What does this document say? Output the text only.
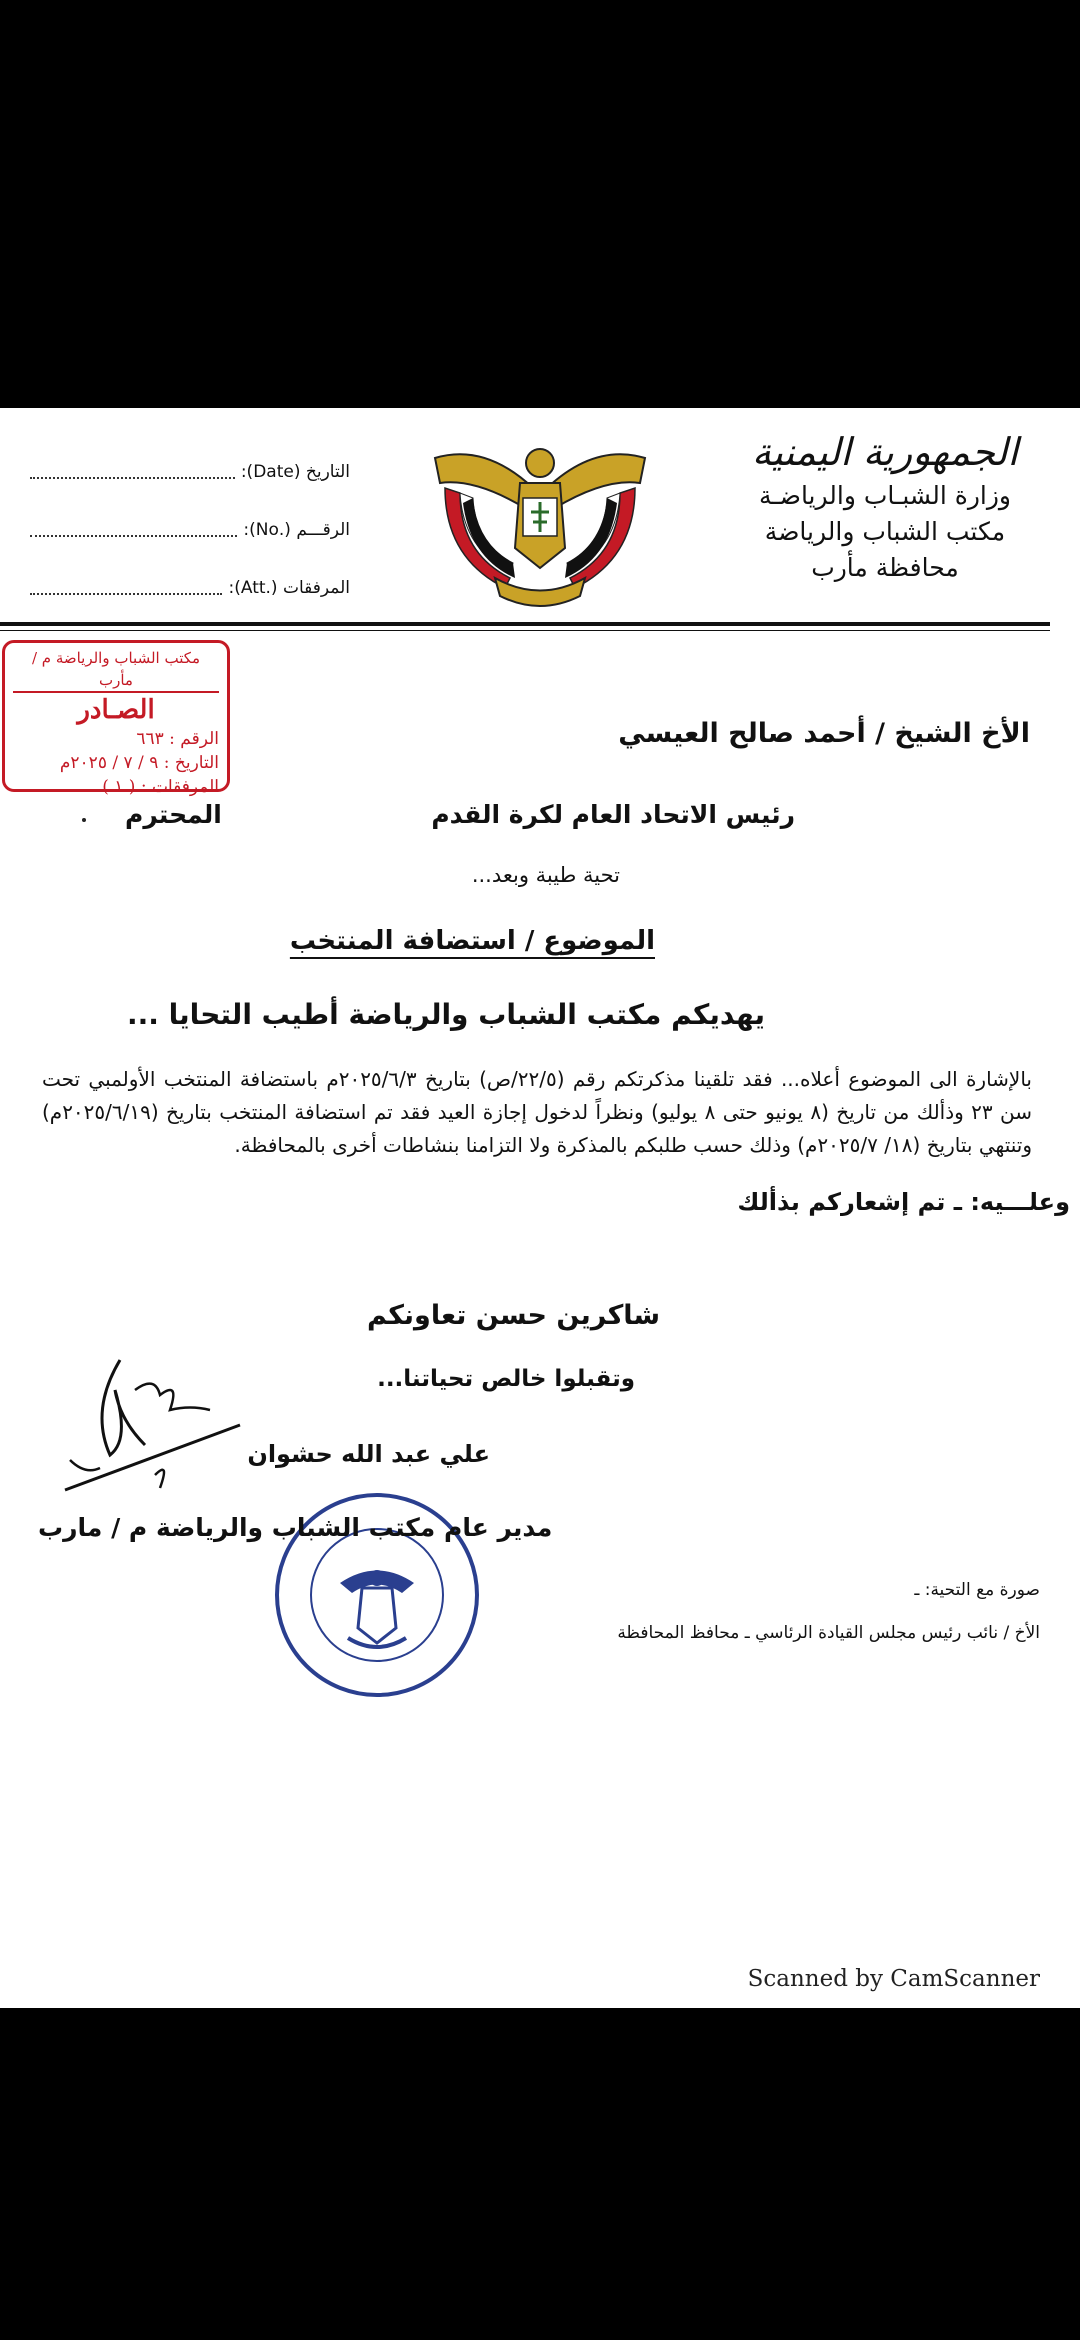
الجمهورية اليمنية
وزارة الشبـاب والرياضـة
مكتب الشباب والرياضة
محافظة مأرب
التاريخ (Date):
الرقـــم (.No):
المرفقات (.Att):
مكتب الشباب والرياضة م / مأرب
الصـادر
الرقم : ٦٦٣
التاريخ : ٩ / ٧ / ٢٠٢٥م
المرفقات : ( ١ )
الأخ الشيخ / أحمد صالح العيسي
رئيس الاتحاد العام لكرة القدم
المحترم
تحية طيبة وبعد...
الموضوع / استضافة المنتخب
يهديكم مكتب الشباب والرياضة أطيب التحايا ...
بالإشارة الى الموضوع أعلاه... فقد تلقينا مذكرتكم رقم (٢٢/٥/ص) بتاريخ ٢٠٢٥/٦/٣م باستضافة المنتخب الأولمبي تحت سن ٢٣ وذألك من تاريخ (٨ يونيو حتى ٨ يوليو) ونظراً لدخول إجازة العيد فقد تم استضافة المنتخب بتاريخ (٢٠٢٥/٦/١٩م) وتنتهي بتاريخ (١٨/ ٢٠٢٥/٧م) وذلك حسب طلبكم بالمذكرة ولا التزامنا بنشاطات أخرى بالمحافظة.
وعلـــيه: ـ تم إشعاركم بذألك
شاكرين حسن تعاونكم
وتقبلوا خالص تحياتنا...
علي عبد الله حشوان
مدير عام مكتب الشباب والرياضة م / مارب
صورة مع التحية: ـ
الأخ / نائب رئيس مجلس القيادة الرئاسي ـ محافظ المحافظة
Scanned by CamScanner
